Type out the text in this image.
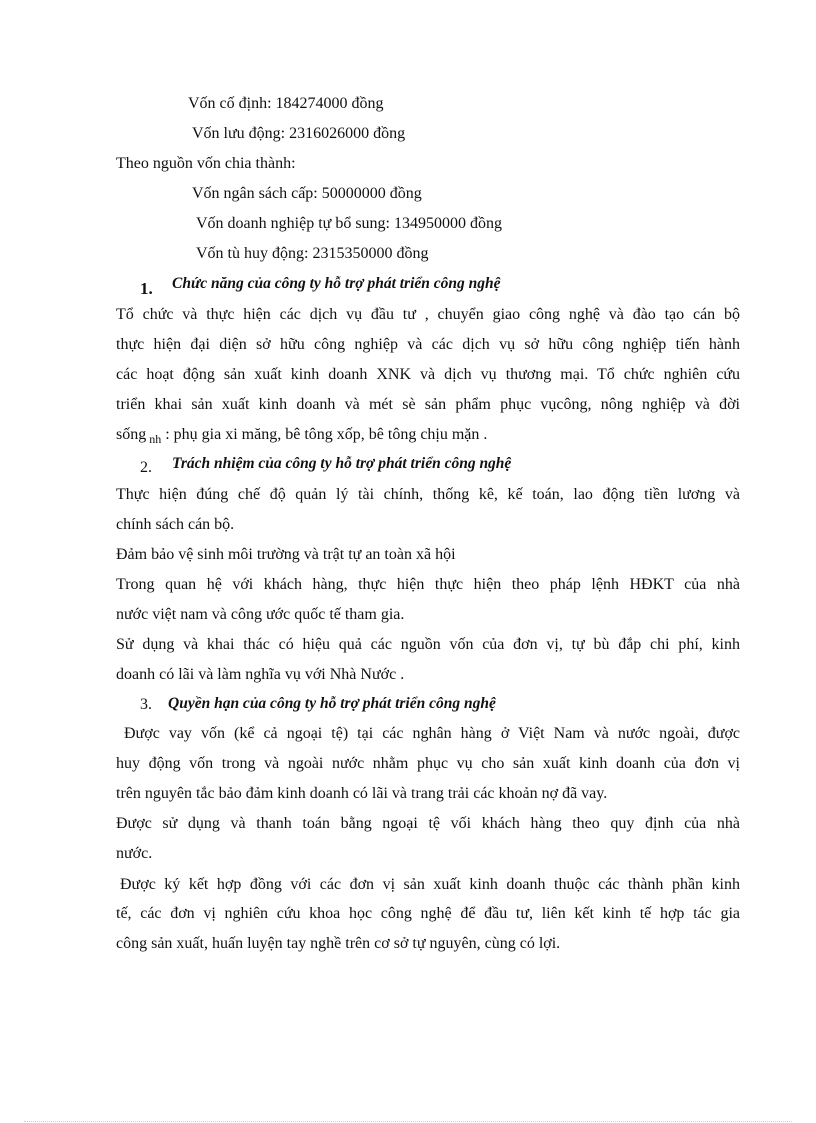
Vốn cố định: 184274000 đồng
Vốn lưu động: 2316026000 đồng
Theo nguồn vốn chia thành:
Vốn ngân sách cấp: 50000000 đồng
Vốn doanh nghiệp tự bổ sung: 134950000 đồng
Vốn tù huy động: 2315350000 đồng
1. Chức năng của công ty hỗ trợ phát triển công nghệ
Tổ chức và thực hiện các dịch vụ đầu tư , chuyển giao công nghệ và đào tạo cán bộ
thực hiện đại diện sở hữu công nghiệp và các dịch vụ sở hữu công nghiệp tiến hành
các hoạt động sản xuất kinh doanh XNK và dịch vụ thương mại. Tổ chức nghiên cứu
triển khai sản xuất kinh doanh và mét sè sản phẩm phục vụcông, nông nghiệp và đời
sống $_{nh}$ : phụ gia xi măng, bê tông xốp, bê tông chịu mặn .
2. Trách nhiệm của công ty hỗ trợ phát triển công nghệ
Thực hiện đúng chế độ quản lý tài chính, thống kê, kế toán, lao động tiền lương và
chính sách cán bộ.
Đảm bảo vệ sinh môi trường và trật tự an toàn xã hội
Trong quan hệ với khách hàng, thực hiện thực hiện theo pháp lệnh HĐKT của nhà
nước việt nam và công ước quốc tế tham gia.
Sử dụng và khai thác có hiệu quả các nguồn vốn của đơn vị, tự bù đắp chi phí, kinh
doanh có lãi và làm nghĩa vụ với Nhà Nước .
3. Quyền hạn của công ty hỗ trợ phát triển công nghệ
Được vay vốn (kể cả ngoại tệ) tại các nghân hàng ở Việt Nam và nước ngoài, được
huy động vốn trong và ngoài nước nhằm phục vụ cho sản xuất kinh doanh của đơn vị
trên nguyên tắc bảo đảm kinh doanh có lãi và trang trải các khoản nợ đã vay.
Được sử dụng và thanh toán bằng ngoại tệ vối khách hàng theo quy định của nhà
nước.
Được ký kết hợp đồng với các đơn vị sản xuất kinh doanh thuộc các thành phần kinh
tế, các đơn vị nghiên cứu khoa học công nghệ để đầu tư, liên kết kinh tế hợp tác gia
công sản xuất, huấn luyện tay nghề trên cơ sở tự nguyên, cùng có lợi.
